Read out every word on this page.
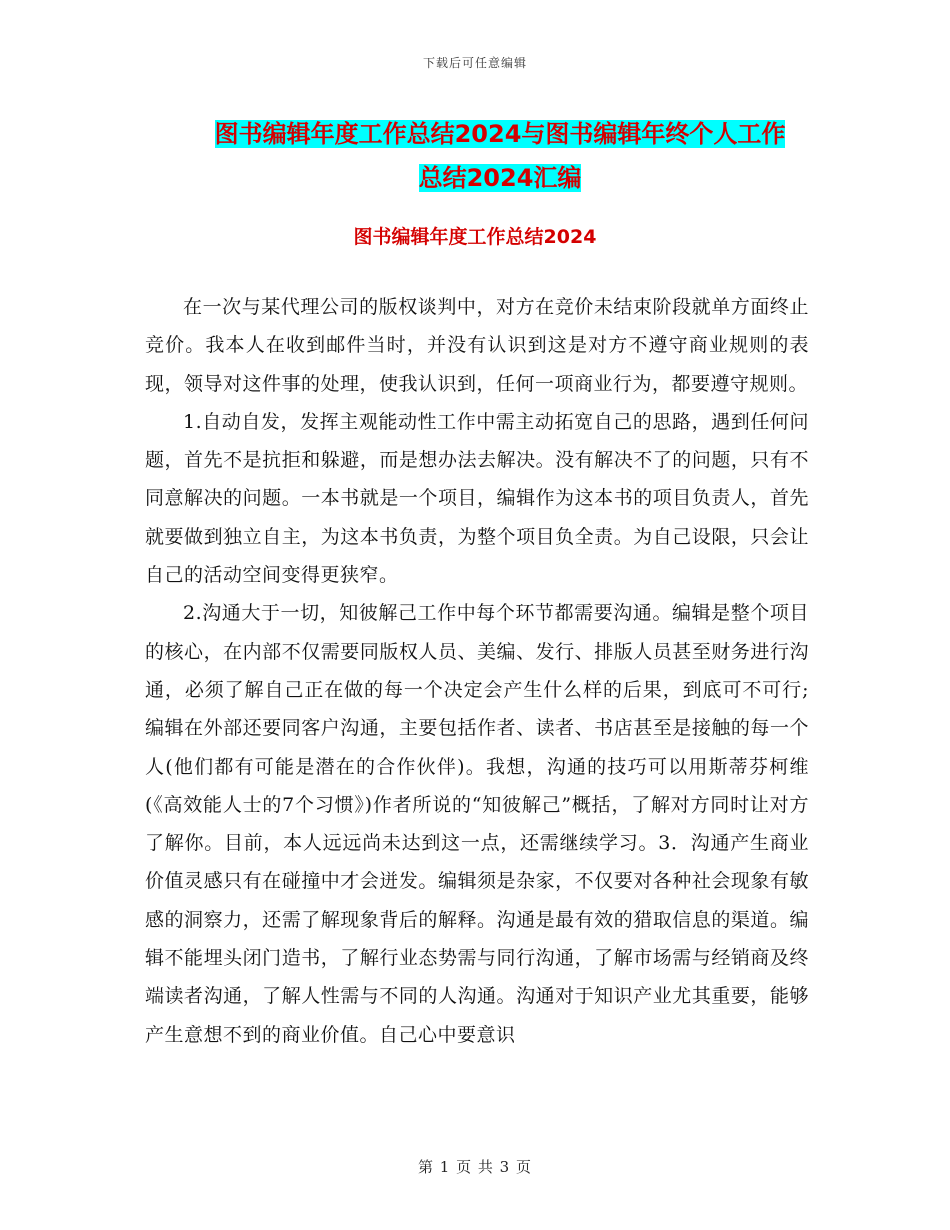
下载后可任意编辑
图书编辑年度工作总结2024与图书编辑年终个人工作
总结2024汇编
图书编辑年度工作总结2024

在一次与某代理公司的版权谈判中，对方在竞价未结束阶段就单方面终止竞价。我本人在收到邮件当时，并没有认识到这是对方不遵守商业规则的表现，领导对这件事的处理，使我认识到，任何一项商业行为，都要遵守规则。

1.自动自发，发挥主观能动性工作中需主动拓宽自己的思路，遇到任何问题，首先不是抗拒和躲避，而是想办法去解决。没有解决不了的问题，只有不同意解决的问题。一本书就是一个项目，编辑作为这本书的项目负责人，首先就要做到独立自主，为这本书负责，为整个项目负全责。为自己设限，只会让自己的活动空间变得更狭窄。

2.沟通大于一切，知彼解己工作中每个环节都需要沟通。编辑是整个项目的核心，在内部不仅需要同版权人员、美编、发行、排版人员甚至财务进行沟通，必须了解自己正在做的每一个决定会产生什么样的后果，到底可不可行;编辑在外部还要同客户沟通，主要包括作者、读者、书店甚至是接触的每一个人(他们都有可能是潜在的合作伙伴)。我想，沟通的技巧可以用斯蒂芬柯维(《高效能人士的7个习惯》)作者所说的“知彼解己”概括，了解对方同时让对方了解你。目前，本人远远尚未达到这一点，还需继续学习。3．沟通产生商业价值灵感只有在碰撞中才会迸发。编辑须是杂家，不仅要对各种社会现象有敏感的洞察力，还需了解现象背后的解释。沟通是最有效的猎取信息的渠道。编辑不能埋头闭门造书，了解行业态势需与同行沟通，了解市场需与经销商及终端读者沟通，了解人性需与不同的人沟通。沟通对于知识产业尤其重要，能够产生意想不到的商业价值。自己心中要意识

第 1 页 共 3 页
